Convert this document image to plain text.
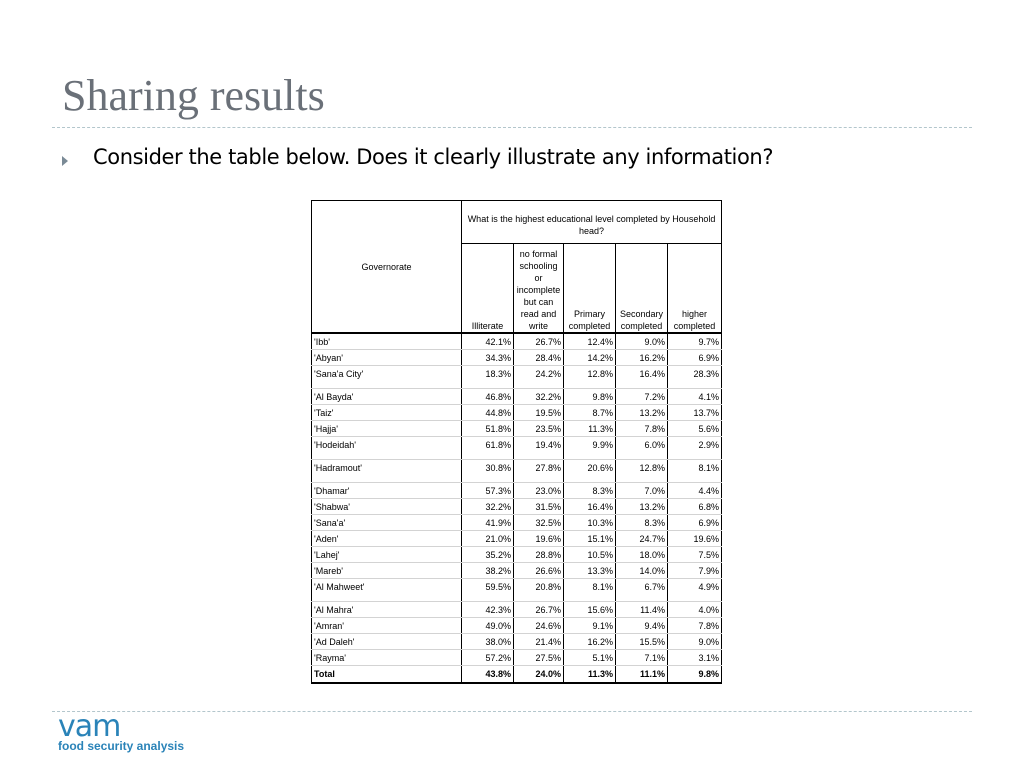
Sharing results
Consider the table below. Does it clearly illustrate any information?
Governorate	What is the highest educational level completed by Household head?				
	Illiterate	no formal schooling or incomplete but can read and write	Primary completed	Secondary completed	higher completed
'Ibb'	42.1%	26.7%	12.4%	9.0%	9.7%
'Abyan'	34.3%	28.4%	14.2%	16.2%	6.9%
'Sana'a City'	18.3%	24.2%	12.8%	16.4%	28.3%
'Al Bayda'	46.8%	32.2%	9.8%	7.2%	4.1%
'Taiz'	44.8%	19.5%	8.7%	13.2%	13.7%
'Hajja'	51.8%	23.5%	11.3%	7.8%	5.6%
'Hodeidah'	61.8%	19.4%	9.9%	6.0%	2.9%
'Hadramout'	30.8%	27.8%	20.6%	12.8%	8.1%
'Dhamar'	57.3%	23.0%	8.3%	7.0%	4.4%
'Shabwa'	32.2%	31.5%	16.4%	13.2%	6.8%
'Sana'a'	41.9%	32.5%	10.3%	8.3%	6.9%
'Aden'	21.0%	19.6%	15.1%	24.7%	19.6%
'Lahej'	35.2%	28.8%	10.5%	18.0%	7.5%
'Mareb'	38.2%	26.6%	13.3%	14.0%	7.9%
'Al Mahweet'	59.5%	20.8%	8.1%	6.7%	4.9%
'Al Mahra'	42.3%	26.7%	15.6%	11.4%	4.0%
'Amran'	49.0%	24.6%	9.1%	9.4%	7.8%
'Ad Daleh'	38.0%	21.4%	16.2%	15.5%	9.0%
'Rayma'	57.2%	27.5%	5.1%	7.1%	3.1%
Total	43.8%	24.0%	11.3%	11.1%	9.8%
vam
food security analysis
